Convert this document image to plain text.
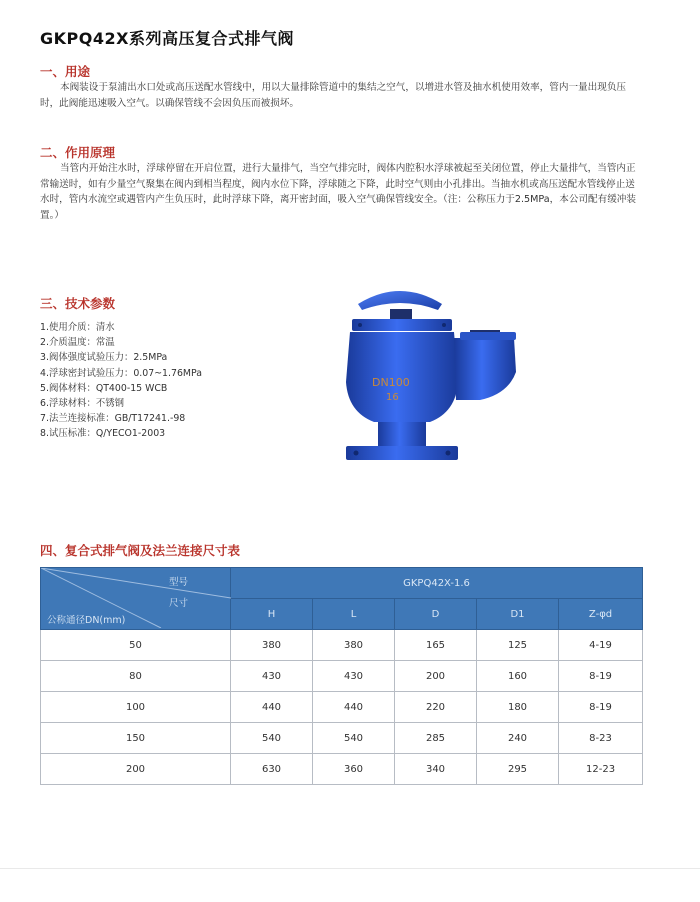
GKPQ42X系列高压复合式排气阀
一、用途
本阀装设于泵浦出水口处或高压送配水管线中，用以大量排除管道中的集结之空气，以增进水管及抽水机使用效率，管内一量出现负压时，此阀能迅速吸入空气。以确保管线不会因负压而被损坏。
二、作用原理
当管内开始注水时，浮球停留在开启位置，进行大量排气，当空气排完时，阀体内腔积水浮球被起至关闭位置，停止大量排气，当管内正常输送时，如有少量空气聚集在阀内到相当程度，阀内水位下降，浮球随之下降，此时空气则由小孔排出。当抽水机或高压送配水管线停止送水时，管内水流空或遇管内产生负压时，此时浮球下降，离开密封面，吸入空气确保管线安全。（注：公称压力于2.5MPa，本公司配有缓冲装置。）
三、技术参数
1.使用介质：清水
2.介质温度：常温
3.阀体强度试验压力：2.5MPa
4.浮球密封试验压力：0.07~1.76MPa
5.阀体材料：QT400-15 WCB
6.浮球材料：不锈钢
7.法兰连接标准：GB/T17241.-98
8.试压标准：Q/YECO1-2003
DN100
16
四、复合式排气阀及法兰连接尺寸表
型号
尺寸
公称通径DN(mm)	GKPQ42X-1.6				
	H	L	D	D1	Z-φd
50	380	380	165	125	4-19
80	430	430	200	160	8-19
100	440	440	220	180	8-19
150	540	540	285	240	8-23
200	630	360	340	295	12-23
